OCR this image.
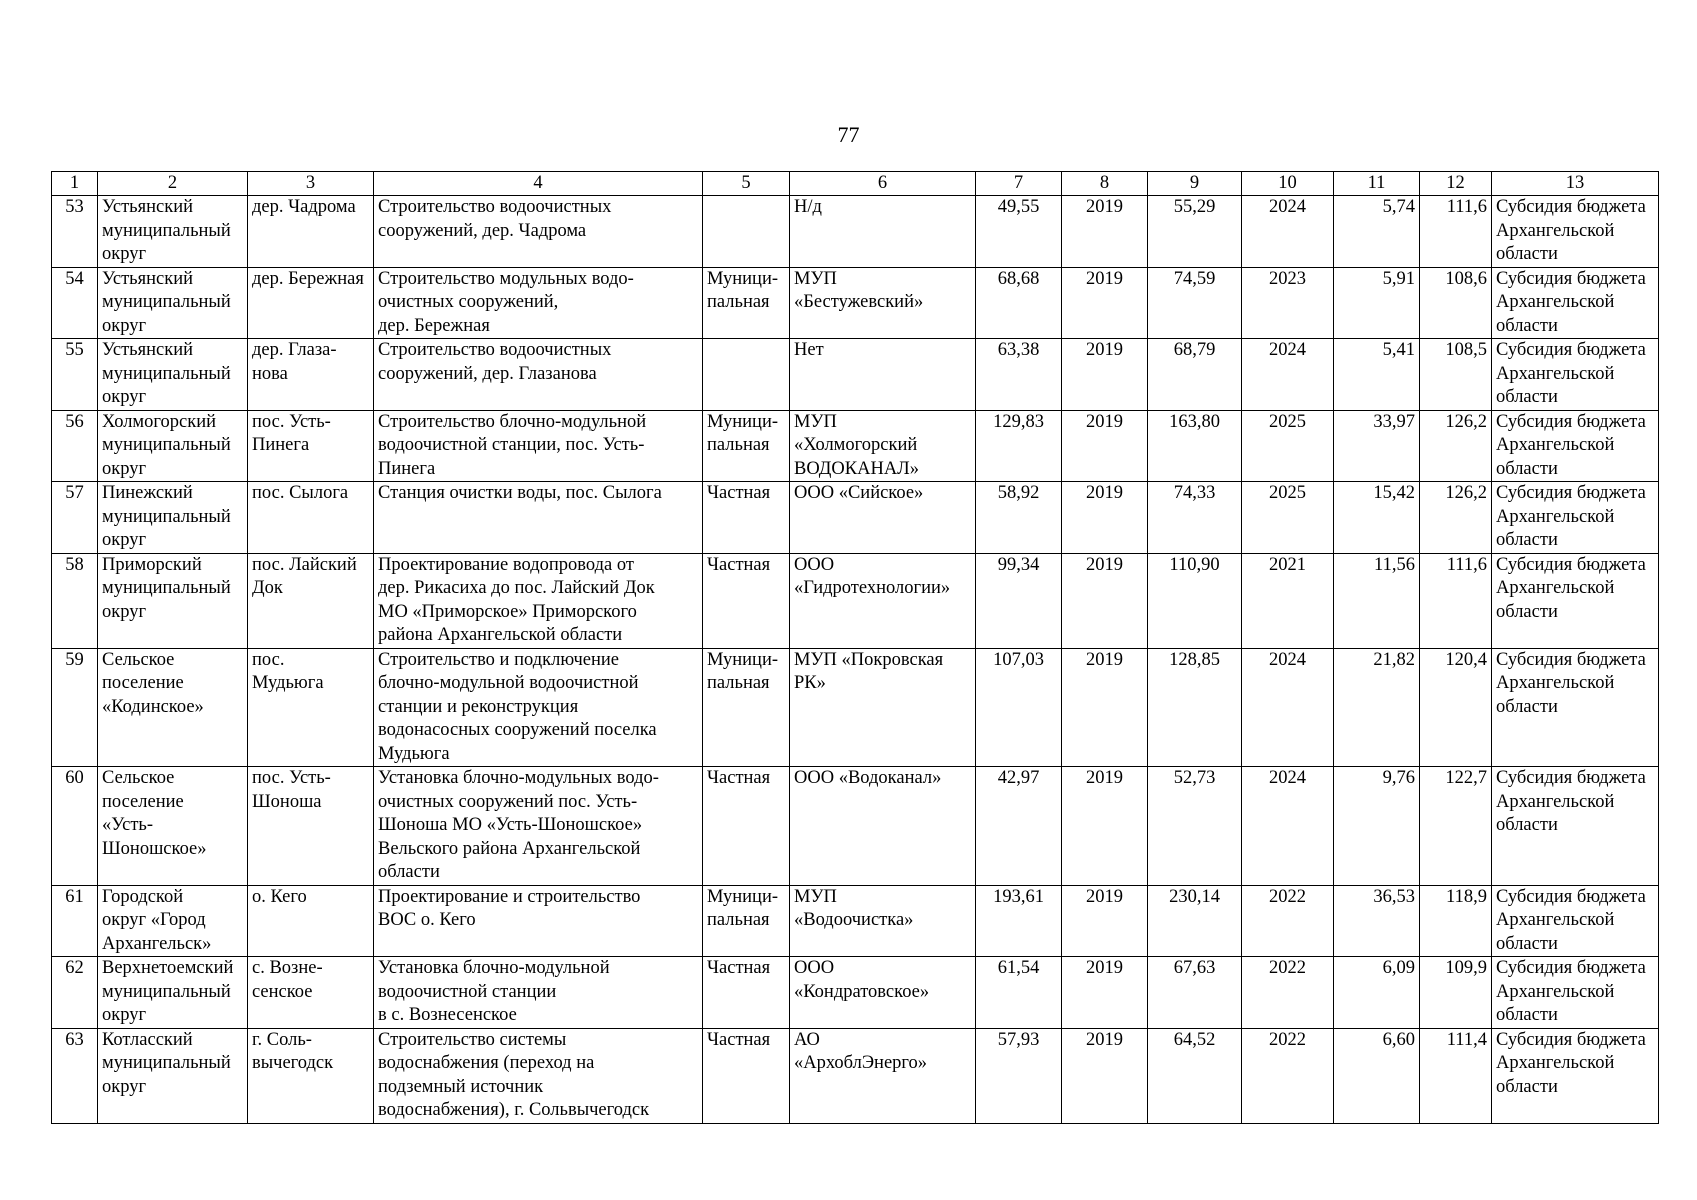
77
1	2	3	4	5	6	7	8	9	10	11	12	13
53	Устьянский
муниципальный
округ	дер. Чадрома	Строительство водоочистных
сооружений, дер. Чадрома		Н/д	49,55	2019	55,29	2024	5,74	111,6	Субсидия бюджета
Архангельской
области
54	Устьянский
муниципальный
округ	дер. Бережная	Строительство модульных водо-
очистных сооружений,
дер. Бережная	Муници-
пальная	МУП
«Бестужевский»	68,68	2019	74,59	2023	5,91	108,6	Субсидия бюджета
Архангельской
области
55	Устьянский
муниципальный
округ	дер. Глаза-
нова	Строительство водоочистных
сооружений, дер. Глазанова		Нет	63,38	2019	68,79	2024	5,41	108,5	Субсидия бюджета
Архангельской
области
56	Холмогорский
муниципальный
округ	пос. Усть-
Пинега	Строительство блочно-модульной
водоочистной станции, пос. Усть-
Пинега	Муници-
пальная	МУП
«Холмогорский
ВОДОКАНАЛ»	129,83	2019	163,80	2025	33,97	126,2	Субсидия бюджета
Архангельской
области
57	Пинежский
муниципальный
округ	пос. Сылога	Станция очистки воды, пос. Сылога	Частная	ООО «Сийское»	58,92	2019	74,33	2025	15,42	126,2	Субсидия бюджета
Архангельской
области
58	Приморский
муниципальный
округ	пос. Лайский
Док	Проектирование водопровода от
дер. Рикасиха до пос. Лайский Док
МО «Приморское» Приморского
района Архангельской области	Частная	ООО
«Гидротехнологии»	99,34	2019	110,90	2021	11,56	111,6	Субсидия бюджета
Архангельской
области
59	Сельское
поселение
«Кодинское»	пос.
Мудьюга	Строительство и подключение
блочно-модульной водоочистной
станции и реконструкция
водонасосных сооружений поселка
Мудьюга	Муници-
пальная	МУП «Покровская
РК»	107,03	2019	128,85	2024	21,82	120,4	Субсидия бюджета
Архангельской
области
60	Сельское
поселение
«Усть-
Шоношское»	пос. Усть-
Шоноша	Установка блочно-модульных водо-
очистных сооружений пос. Усть-
Шоноша МО «Усть-Шоношское»
Вельского района Архангельской
области	Частная	ООО «Водоканал»	42,97	2019	52,73	2024	9,76	122,7	Субсидия бюджета
Архангельской
области
61	Городской
округ «Город
Архангельск»	о. Кего	Проектирование и строительство
ВОС о. Кего	Муници-
пальная	МУП
«Водоочистка»	193,61	2019	230,14	2022	36,53	118,9	Субсидия бюджета
Архангельской
области
62	Верхнетоемский
муниципальный
округ	с. Возне-
сенское	Установка блочно-модульной
водоочистной станции
в с. Вознесенское	Частная	ООО
«Кондратовское»	61,54	2019	67,63	2022	6,09	109,9	Субсидия бюджета
Архангельской
области
63	Котласский
муниципальный
округ	г. Соль-
вычегодск	Строительство системы
водоснабжения (переход на
подземный источник
водоснабжения), г. Сольвычегодск	Частная	АО
«АрхоблЭнерго»	57,93	2019	64,52	2022	6,60	111,4	Субсидия бюджета
Архангельской
области
